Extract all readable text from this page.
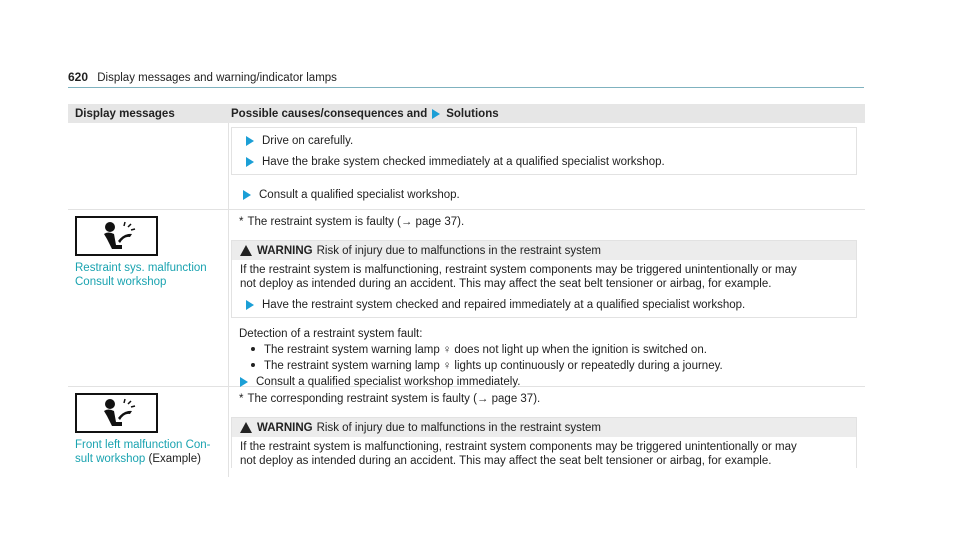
620 Display messages and warning/indicator lamps
Display messages	Possible causes/consequences and Solutions
Drive on carefully.
Have the brake system checked immediately at a qualified specialist workshop.
Consult a qualified specialist workshop.
Restraint sys. malfunction
Consult workshop
* The restraint system is faulty (→ page 37).
WARNING Risk of injury due to malfunctions in the restraint system
If the restraint system is malfunctioning, restraint system components may be triggered unintentionally or may
not deploy as intended during an accident. This may affect the seat belt tensioner or airbag, for example.
Have the restraint system checked and repaired immediately at a qualified specialist workshop.
Detection of a restraint system fault:
The restraint system warning lamp ♀ does not light up when the ignition is switched on.
The restraint system warning lamp ♀ lights up continuously or repeatedly during a journey.
Consult a qualified specialist workshop immediately.
Front left malfunction Con-
sult workshop (Example)
* The corresponding restraint system is faulty (→ page 37).
WARNING Risk of injury due to malfunctions in the restraint system
If the restraint system is malfunctioning, restraint system components may be triggered unintentionally or may
not deploy as intended during an accident. This may affect the seat belt tensioner or airbag, for example.
